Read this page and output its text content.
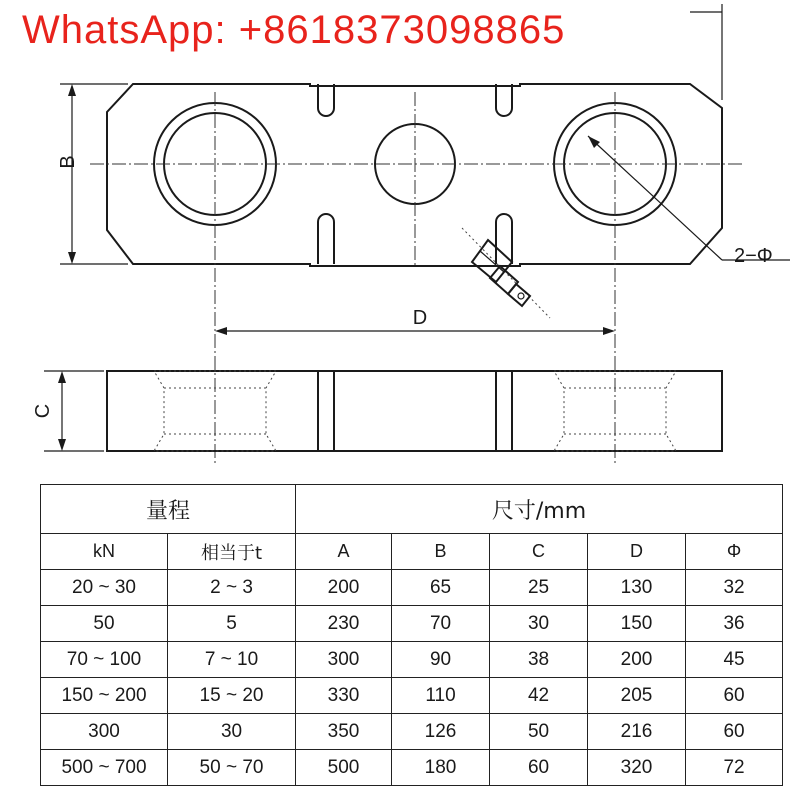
WhatsApp: +8618373098865
B
2−Φ
D
C
量程		尺寸/mm				
kN	相当于t	A	B	C	D	Φ
20 ~ 30	2 ~ 3	200	65	25	130	32
50	5	230	70	30	150	36
70 ~ 100	7 ~ 10	300	90	38	200	45
150 ~ 200	15 ~ 20	330	110	42	205	60
300	30	350	126	50	216	60
500 ~ 700	50 ~ 70	500	180	60	320	72
